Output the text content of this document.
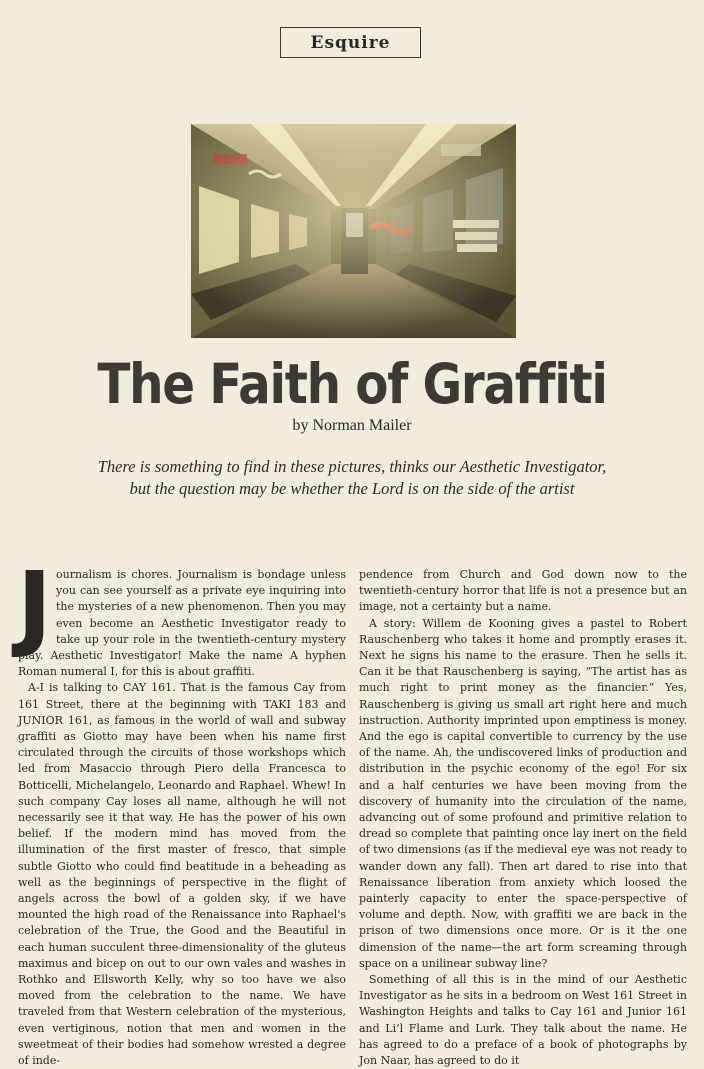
Esquire
The Faith of Graffiti
by Norman Mailer
There is something to find in these pictures, thinks our Aesthetic Investigator,
but the question may be whether the Lord is on the side of the artist
J ournalism is chores. Journalism is bondage unless you can see yourself as a private eye inquiring into the mysteries of a new phenomenon. Then you may even become an Aesthetic Investigator ready to take up your role in the twentieth-century mystery play. Aesthetic Investigator! Make the name A hyphen Roman numeral I, for this is about graffiti.

A-I is talking to CAY 161. That is the famous Cay from 161 Street, there at the beginning with TAKI 183 and JUNIOR 161, as famous in the world of wall and subway graffiti as Giotto may have been when his name first circulated through the circuits of those workshops which led from Masaccio through Piero della Francesca to Botticelli, Michelangelo, Leonardo and Raphael. Whew! In such company Cay loses all name, although he will not necessarily see it that way. He has the power of his own belief. If the modern mind has moved from the illumination of the first master of fresco, that simple subtle Giotto who could find beatitude in a beheading as well as the beginnings of perspective in the flight of angels across the bowl of a golden sky, if we have mounted the high road of the Renaissance into Raphael's celebration of the True, the Good and the Beautiful in each human succulent three-dimensionality of the gluteus maximus and bicep on out to our own vales and washes in Rothko and Ellsworth Kelly, why so too have we also moved from the celebration to the name. We have traveled from that Western celebration of the mysterious, even vertiginous, notion that men and women in the sweetmeat of their bodies had somehow wrested a degree of inde-

pendence from Church and God down now to the twentieth-century horror that life is not a presence but an image, not a certainty but a name.

A story: Willem de Kooning gives a pastel to Robert Rauschenberg who takes it home and promptly erases it. Next he signs his name to the erasure. Then he sells it. Can it be that Rauschenberg is saying, “The artist has as much right to print money as the financier.” Yes, Rauschenberg is giving us small art right here and much instruction. Authority imprinted upon emptiness is money. And the ego is capital convertible to currency by the use of the name. Ah, the undiscovered links of production and distribution in the psychic economy of the ego! For six and a half centuries we have been moving from the discovery of humanity into the circulation of the name, advancing out of some profound and primitive relation to dread so complete that painting once lay inert on the field of two dimensions (as if the medieval eye was not ready to wander down any fall). Then art dared to rise into that Renaissance liberation from anxiety which loosed the painterly capacity to enter the space-perspective of volume and depth. Now, with graffiti we are back in the prison of two dimensions once more. Or is it the one dimension of the name—the art form screaming through space on a unilinear subway line?

Something of all this is in the mind of our Aesthetic Investigator as he sits in a bedroom on West 161 Street in Washington Heights and talks to Cay 161 and Junior 161 and Li’l Flame and Lurk. They talk about the name. He has agreed to do a preface of a book of photographs by Jon Naar, has agreed to do it
